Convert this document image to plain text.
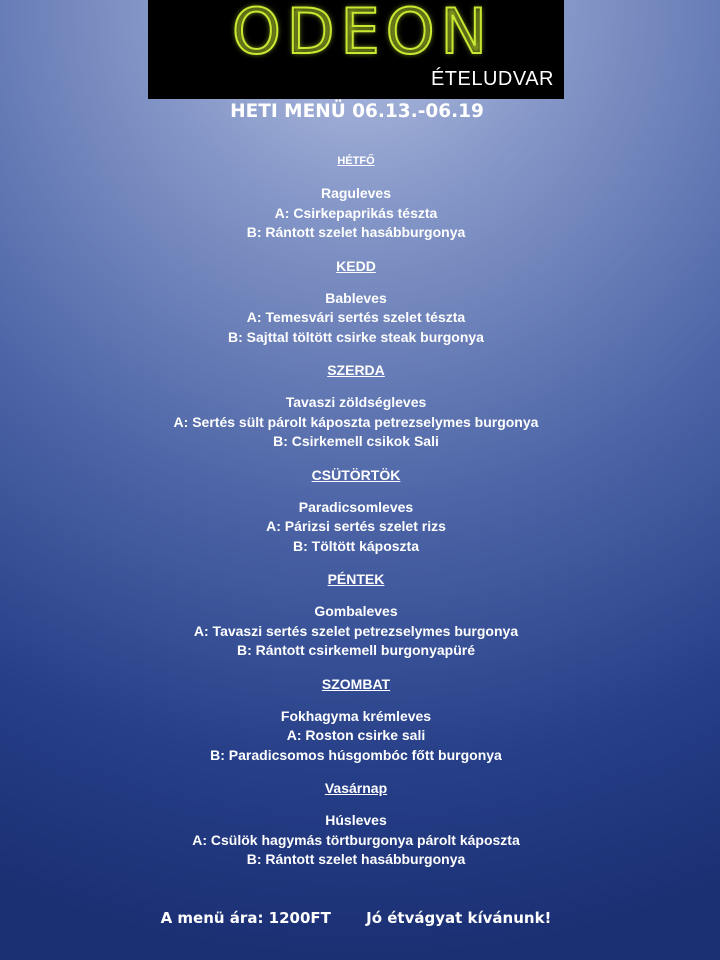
ODEON
ÉTELUDVAR
HETI MENÜ 06.13.-06.19
HÉTFŐ
Raguleves
A: Csirkepaprikás tészta
B: Rántott szelet hasábburgonya
KEDD
Bableves
A: Temesvári sertés szelet tészta
B: Sajttal töltött csirke steak burgonya
SZERDA
Tavaszi zöldségleves
A: Sertés sült párolt káposzta petrezselymes burgonya
B: Csirkemell csikok Sali
CSÜTÖRTÖK
Paradicsomleves
A: Párizsi sertés szelet rizs
B: Töltött káposzta
PÉNTEK
Gombaleves
A: Tavaszi sertés szelet petrezselymes burgonya
B: Rántott csirkemell burgonyapüré
SZOMBAT
Fokhagyma krémleves
A: Roston csirke sali
B: Paradicsomos húsgombóc főtt burgonya
Vasárnap
Húsleves
A: Csülök hagymás törtburgonya párolt káposzta
B: Rántott szelet hasábburgonya
A menü ára: 1200FT Jó étvágyat kívánunk!
